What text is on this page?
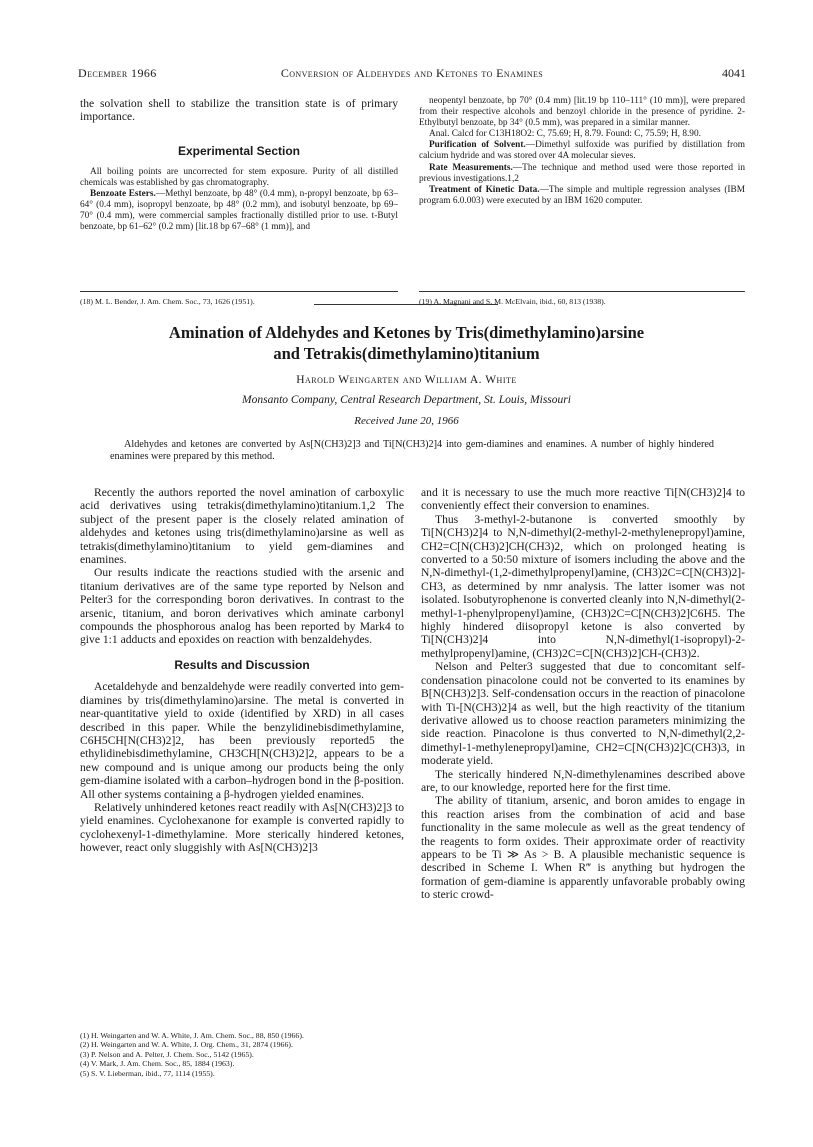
December 1966	Conversion of Aldehydes and Ketones to Enamines	4041

the solvation shell to stabilize the transition state is of primary importance.

Experimental Section

All boiling points are uncorrected for stem exposure. Purity of all distilled chemicals was established by gas chromatography.

Benzoate Esters.—Methyl benzoate, bp 48° (0.4 mm), n-propyl benzoate, bp 63–64° (0.4 mm), isopropyl benzoate, bp 48° (0.2 mm), and isobutyl benzoate, bp 69–70° (0.4 mm), were commercial samples fractionally distilled prior to use. t-Butyl benzoate, bp 61–62° (0.2 mm) [lit.18 bp 67–68° (1 mm)], and

neopentyl benzoate, bp 70° (0.4 mm) [lit.19 bp 110–111° (10 mm)], were prepared from their respective alcohols and benzoyl chloride in the presence of pyridine. 2-Ethylbutyl benzoate, bp 34° (0.5 mm), was prepared in a similar manner.

Anal. Calcd for C13H18O2: C, 75.69; H, 8.79. Found: C, 75.59; H, 8.90.

Purification of Solvent.—Dimethyl sulfoxide was purified by distillation from calcium hydride and was stored over 4A molecular sieves.

Rate Measurements.—The technique and method used were those reported in previous investigations.1,2

Treatment of Kinetic Data.—The simple and multiple regression analyses (IBM program 6.0.003) were executed by an IBM 1620 computer.

(18) M. L. Bender, J. Am. Chem. Soc., 73, 1626 (1951).	(19) A. Magnani and S. M. McElvain, ibid., 60, 813 (1938).

Amination of Aldehydes and Ketones by Tris(dimethylamino)arsine
and Tetrakis(dimethylamino)titanium
Harold Weingarten and William A. White
Monsanto Company, Central Research Department, St. Louis, Missouri
Received June 20, 1966

Aldehydes and ketones are converted by As[N(CH3)2]3 and Ti[N(CH3)2]4 into gem-diamines and enamines. A number of highly hindered enamines were prepared by this method.

Recently the authors reported the novel amination of carboxylic acid derivatives using tetrakis(dimethylamino)titanium.1,2 The subject of the present paper is the closely related amination of aldehydes and ketones using tris(dimethylamino)arsine as well as tetrakis(dimethylamino)titanium to yield gem-diamines and enamines.

Our results indicate the reactions studied with the arsenic and titanium derivatives are of the same type reported by Nelson and Pelter3 for the corresponding boron derivatives. In contrast to the arsenic, titanium, and boron derivatives which aminate carbonyl compounds the phosphorous analog has been reported by Mark4 to give 1:1 adducts and epoxides on reaction with benzaldehydes.

Results and Discussion

Acetaldehyde and benzaldehyde were readily converted into gem-diamines by tris(dimethylamino)arsine. The metal is converted in near-quantitative yield to oxide (identified by XRD) in all cases described in this paper. While the benzylidinebisdimethylamine, C6H5CH[N(CH3)2]2, has been previously reported5 the ethylidinebisdimethylamine, CH3CH[N(CH3)2]2, appears to be a new compound and is unique among our products being the only gem-diamine isolated with a carbon–hydrogen bond in the β-position. All other systems containing a β-hydrogen yielded enamines.

Relatively unhindered ketones react readily with As[N(CH3)2]3 to yield enamines. Cyclohexanone for example is converted rapidly to cyclohexenyl-1-dimethylamine. More sterically hindered ketones, however, react only sluggishly with As[N(CH3)2]3

(1) H. Weingarten and W. A. White, J. Am. Chem. Soc., 88, 850 (1966).

(2) H. Weingarten and W. A. White, J. Org. Chem., 31, 2874 (1966).

(3) P. Nelson and A. Pelter, J. Chem. Soc., 5142 (1965).

(4) V. Mark, J. Am. Chem. Soc., 85, 1884 (1963).

(5) S. V. Lieberman, ibid., 77, 1114 (1955).

and it is necessary to use the much more reactive Ti[N(CH3)2]4 to conveniently effect their conversion to enamines.

Thus 3-methyl-2-butanone is converted smoothly by Ti[N(CH3)2]4 to N,N-dimethyl(2-methyl-2-methylenepropyl)amine, CH2=C[N(CH3)2]CH(CH3)2, which on prolonged heating is converted to a 50:50 mixture of isomers including the above and the N,N-dimethyl-(1,2-dimethylpropenyl)amine, (CH3)2C=C[N(CH3)2]-CH3, as determined by nmr analysis. The latter isomer was not isolated. Isobutyrophenone is converted cleanly into N,N-dimethyl(2-methyl-1-phenylpropenyl)amine, (CH3)2C=C[N(CH3)2]C6H5. The highly hindered diisopropyl ketone is also converted by Ti[N(CH3)2]4 into N,N-dimethyl(1-isopropyl)-2-methylpropenyl)amine, (CH3)2C=C[N(CH3)2]CH-(CH3)2.

Nelson and Pelter3 suggested that due to concomitant self-condensation pinacolone could not be converted to its enamines by B[N(CH3)2]3. Self-condensation occurs in the reaction of pinacolone with Ti-[N(CH3)2]4 as well, but the high reactivity of the titanium derivative allowed us to choose reaction parameters minimizing the side reaction. Pinacolone is thus converted to N,N-dimethyl(2,2-dimethyl-1-methylenepropyl)amine, CH2=C[N(CH3)2]C(CH3)3, in moderate yield.

The sterically hindered N,N-dimethylenamines described above are, to our knowledge, reported here for the first time.

The ability of titanium, arsenic, and boron amides to engage in this reaction arises from the combination of acid and base functionality in the same molecule as well as the great tendency of the reagents to form oxides. Their approximate order of reactivity appears to be Ti ≫ As > B. A plausible mechanistic sequence is described in Scheme I. When R‴ is anything but hydrogen the formation of gem-diamine is apparently unfavorable probably owing to steric crowd-
